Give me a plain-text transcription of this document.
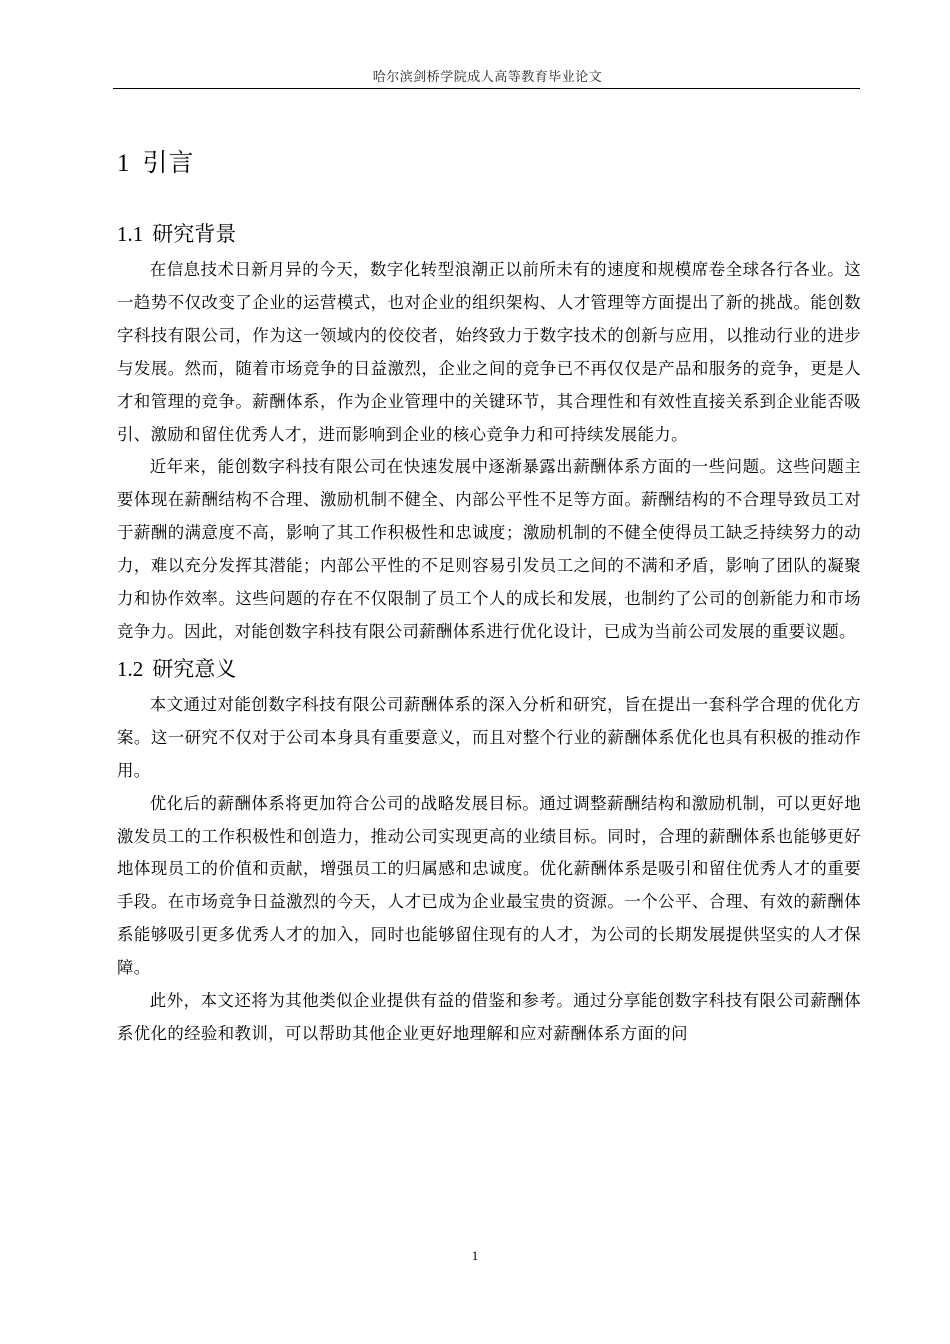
哈尔滨剑桥学院成人高等教育毕业论文
1 引言
1.1 研究背景

在信息技术日新月异的今天，数字化转型浪潮正以前所未有的速度和规模席卷全球各行各业。这一趋势不仅改变了企业的运营模式，也对企业的组织架构、人才管理等方面提出了新的挑战。能创数字科技有限公司，作为这一领域内的佼佼者，始终致力于数字技术的创新与应用，以推动行业的进步与发展。然而，随着市场竞争的日益激烈，企业之间的竞争已不再仅仅是产品和服务的竞争，更是人才和管理的竞争。薪酬体系，作为企业管理中的关键环节，其合理性和有效性直接关系到企业能否吸引、激励和留住优秀人才，进而影响到企业的核心竞争力和可持续发展能力。

近年来，能创数字科技有限公司在快速发展中逐渐暴露出薪酬体系方面的一些问题。这些问题主要体现在薪酬结构不合理、激励机制不健全、内部公平性不足等方面。薪酬结构的不合理导致员工对于薪酬的满意度不高，影响了其工作积极性和忠诚度；激励机制的不健全使得员工缺乏持续努力的动力，难以充分发挥其潜能；内部公平性的不足则容易引发员工之间的不满和矛盾，影响了团队的凝聚力和协作效率。这些问题的存在不仅限制了员工个人的成长和发展，也制约了公司的创新能力和市场竞争力。因此，对能创数字科技有限公司薪酬体系进行优化设计，已成为当前公司发展的重要议题。

1.2 研究意义

本文通过对能创数字科技有限公司薪酬体系的深入分析和研究，旨在提出一套科学合理的优化方案。这一研究不仅对于公司本身具有重要意义，而且对整个行业的薪酬体系优化也具有积极的推动作用。

优化后的薪酬体系将更加符合公司的战略发展目标。通过调整薪酬结构和激励机制，可以更好地激发员工的工作积极性和创造力，推动公司实现更高的业绩目标。同时，合理的薪酬体系也能够更好地体现员工的价值和贡献，增强员工的归属感和忠诚度。优化薪酬体系是吸引和留住优秀人才的重要手段。在市场竞争日益激烈的今天，人才已成为企业最宝贵的资源。一个公平、合理、有效的薪酬体系能够吸引更多优秀人才的加入，同时也能够留住现有的人才，为公司的长期发展提供坚实的人才保障。

此外，本文还将为其他类似企业提供有益的借鉴和参考。通过分享能创数字科技有限公司薪酬体系优化的经验和教训，可以帮助其他企业更好地理解和应对薪酬体系方面的问

1
